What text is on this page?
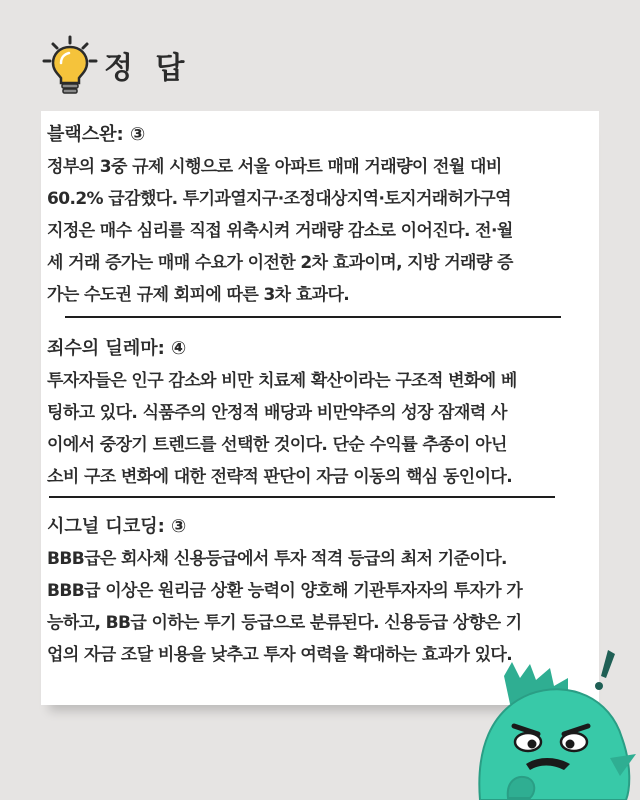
정 답
블랙스완: ③
정부의 3중 규제 시행으로 서울 아파트 매매 거래량이 전월 대비
60.2% 급감했다. 투기과열지구·조정대상지역·토지거래허가구역
지정은 매수 심리를 직접 위축시켜 거래량 감소로 이어진다. 전·월
세 거래 증가는 매매 수요가 이전한 2차 효과이며, 지방 거래량 증
가는 수도권 규제 회피에 따른 3차 효과다.
죄수의 딜레마: ④
투자자들은 인구 감소와 비만 치료제 확산이라는 구조적 변화에 베
팅하고 있다. 식품주의 안정적 배당과 비만약주의 성장 잠재력 사
이에서 중장기 트렌드를 선택한 것이다. 단순 수익률 추종이 아닌
소비 구조 변화에 대한 전략적 판단이 자금 이동의 핵심 동인이다.
시그널 디코딩: ③
BBB급은 회사채 신용등급에서 투자 적격 등급의 최저 기준이다.
BBB급 이상은 원리금 상환 능력이 양호해 기관투자자의 투자가 가
능하고, BB급 이하는 투기 등급으로 분류된다. 신용등급 상향은 기
업의 자금 조달 비용을 낮추고 투자 여력을 확대하는 효과가 있다.
